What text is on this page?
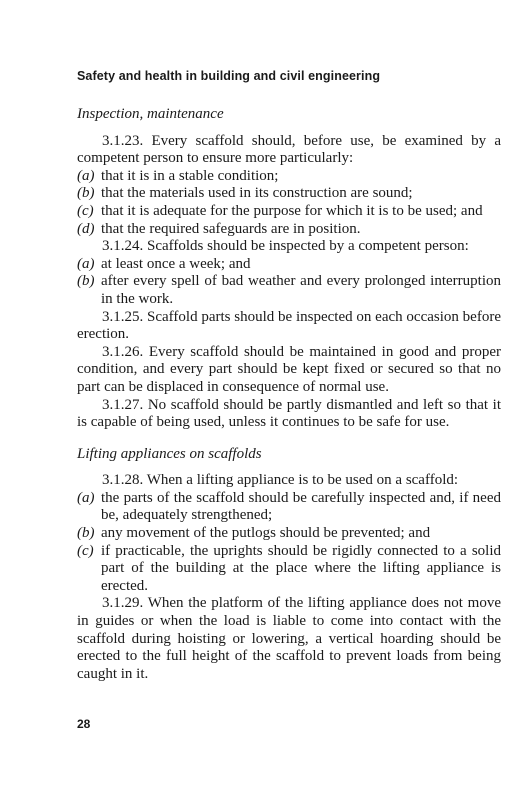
Safety and health in building and civil engineering
Inspection, maintenance

3.1.23. Every scaffold should, before use, be examined by a competent person to ensure more particularly:

(a) that it is in a stable condition;
(b) that the materials used in its construction are sound;
(c) that it is adequate for the purpose for which it is to be used; and
(d) that the required safeguards are in position.

3.1.24. Scaffolds should be inspected by a competent person:

(a) at least once a week; and
(b) after every spell of bad weather and every prolonged interruption in the work.

3.1.25. Scaffold parts should be inspected on each occasion before erection.

3.1.26. Every scaffold should be maintained in good and proper condition, and every part should be kept fixed or secured so that no part can be displaced in consequence of normal use.

3.1.27. No scaffold should be partly dismantled and left so that it is capable of being used, unless it continues to be safe for use.

Lifting appliances on scaffolds

3.1.28. When a lifting appliance is to be used on a scaffold:

(a) the parts of the scaffold should be carefully inspected and, if need be, adequately strengthened;
(b) any movement of the putlogs should be prevented; and
(c) if practicable, the uprights should be rigidly connected to a solid part of the building at the place where the lifting appliance is erected.

3.1.29. When the platform of the lifting appliance does not move in guides or when the load is liable to come into contact with the scaffold during hoisting or lowering, a vertical hoarding should be erected to the full height of the scaffold to prevent loads from being caught in it.

28
